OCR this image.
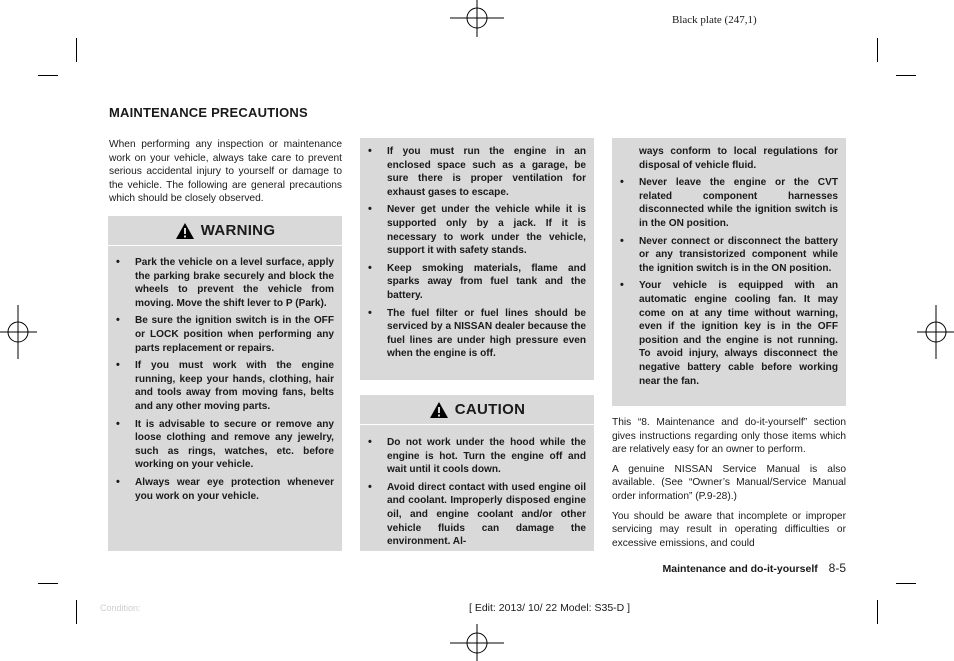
Black plate (247,1)
MAINTENANCE PRECAUTIONS

When performing any inspection or maintenance work on your vehicle, always take care to prevent serious accidental injury to yourself or damage to the vehicle. The following are general precautions which should be closely observed.

WARNING
• Park the vehicle on a level surface, apply the parking brake securely and block the wheels to prevent the vehicle from moving. Move the shift lever to P (Park).
• Be sure the ignition switch is in the OFF or LOCK position when performing any parts replacement or repairs.
• If you must work with the engine running, keep your hands, clothing, hair and tools away from moving fans, belts and any other moving parts.
• It is advisable to secure or remove any loose clothing and remove any jewelry, such as rings, watches, etc. before working on your vehicle.
• Always wear eye protection whenever you work on your vehicle.
• If you must run the engine in an enclosed space such as a garage, be sure there is proper ventilation for exhaust gases to escape.
• Never get under the vehicle while it is supported only by a jack. If it is necessary to work under the vehicle, support it with safety stands.
• Keep smoking materials, flame and sparks away from fuel tank and the battery.
• The fuel filter or fuel lines should be serviced by a NISSAN dealer because the fuel lines are under high pressure even when the engine is off.
CAUTION
• Do not work under the hood while the engine is hot. Turn the engine off and wait until it cools down.
• Avoid direct contact with used engine oil and coolant. Improperly disposed engine oil, and engine coolant and/or other vehicle fluids can damage the environment. Al-
ways conform to local regulations for disposal of vehicle fluid.
• Never leave the engine or the CVT related component harnesses disconnected while the ignition switch is in the ON position.
• Never connect or disconnect the battery or any transistorized component while the ignition switch is in the ON position.
• Your vehicle is equipped with an automatic engine cooling fan. It may come on at any time without warning, even if the ignition key is in the OFF position and the engine is not running. To avoid injury, always disconnect the negative battery cable before working near the fan.

This “8. Maintenance and do-it-yourself” section gives instructions regarding only those items which are relatively easy for an owner to perform.

A genuine NISSAN Service Manual is also available. (See “Owner’s Manual/Service Manual order information” (P.9-28).)

You should be aware that incomplete or improper servicing may result in operating difficulties or excessive emissions, and could

Maintenance and do-it-yourself 8-5
Condition:	[ Edit: 2013/ 10/ 22 Model: S35-D ]
